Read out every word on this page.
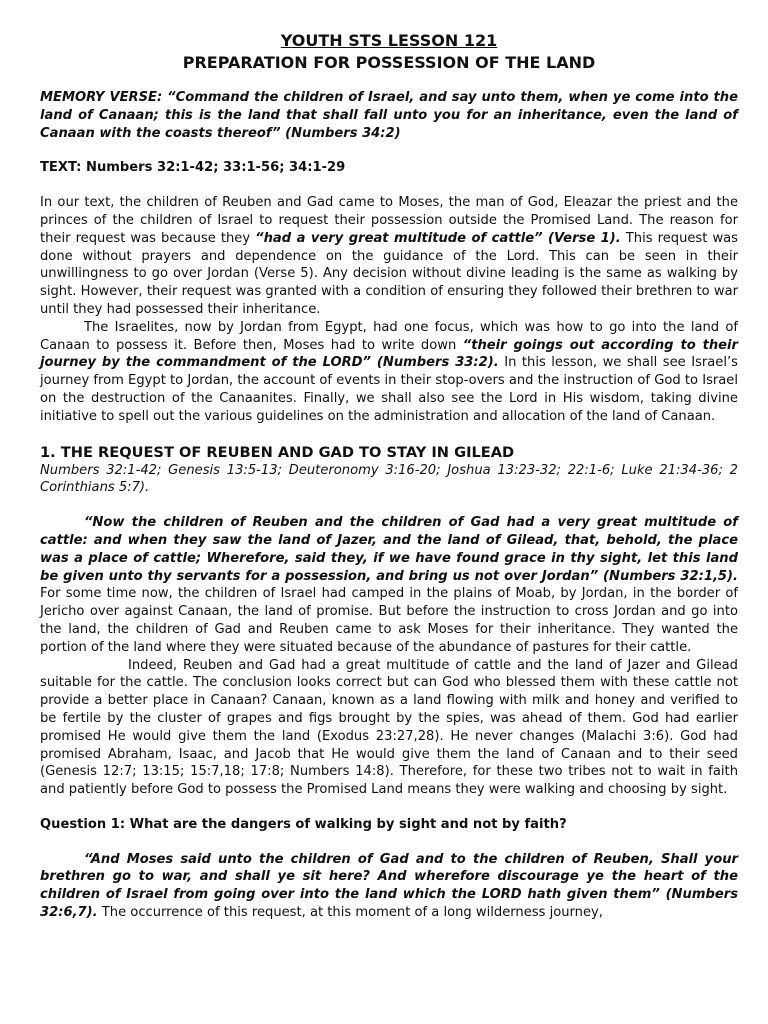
YOUTH STS LESSON 121

PREPARATION FOR POSSESSION OF THE LAND

MEMORY VERSE: “Command the children of Israel, and say unto them, when ye come into the land of Canaan; this is the land that shall fall unto you for an inheritance, even the land of Canaan with the coasts thereof” (Numbers 34:2)

TEXT: Numbers 32:1-42; 33:1-56; 34:1-29

In our text, the children of Reuben and Gad came to Moses, the man of God, Eleazar the priest and the princes of the children of Israel to request their possession outside the Promised Land. The reason for their request was because they “had a very great multitude of cattle” (Verse 1). This request was done without prayers and dependence on the guidance of the Lord. This can be seen in their unwillingness to go over Jordan (Verse 5). Any decision without divine leading is the same as walking by sight. However, their request was granted with a condition of ensuring they followed their brethren to war until they had possessed their inheritance.

The Israelites, now by Jordan from Egypt, had one focus, which was how to go into the land of Canaan to possess it. Before then, Moses had to write down “their goings out according to their journey by the commandment of the LORD” (Numbers 33:2). In this lesson, we shall see Israel’s journey from Egypt to Jordan, the account of events in their stop-overs and the instruction of God to Israel on the destruction of the Canaanites. Finally, we shall also see the Lord in His wisdom, taking divine initiative to spell out the various guidelines on the administration and allocation of the land of Canaan.

1. THE REQUEST OF REUBEN AND GAD TO STAY IN GILEAD

Numbers 32:1-42; Genesis 13:5-13; Deuteronomy 3:16-20; Joshua 13:23-32; 22:1-6; Luke 21:34-36; 2 Corinthians 5:7).

“Now the children of Reuben and the children of Gad had a very great multitude of cattle: and when they saw the land of Jazer, and the land of Gilead, that, behold, the place was a place of cattle; Wherefore, said they, if we have found grace in thy sight, let this land be given unto thy servants for a possession, and bring us not over Jordan” (Numbers 32:1,5). For some time now, the children of Israel had camped in the plains of Moab, by Jordan, in the border of Jericho over against Canaan, the land of promise. But before the instruction to cross Jordan and go into the land, the children of Gad and Reuben came to ask Moses for their inheritance. They wanted the portion of the land where they were situated because of the abundance of pastures for their cattle.

Indeed, Reuben and Gad had a great multitude of cattle and the land of Jazer and Gilead suitable for the cattle. The conclusion looks correct but can God who blessed them with these cattle not provide a better place in Canaan? Canaan, known as a land flowing with milk and honey and verified to be fertile by the cluster of grapes and figs brought by the spies, was ahead of them. God had earlier promised He would give them the land (Exodus 23:27,28). He never changes (Malachi 3:6). God had promised Abraham, Isaac, and Jacob that He would give them the land of Canaan and to their seed (Genesis 12:7; 13:15; 15:7,18; 17:8; Numbers 14:8). Therefore, for these two tribes not to wait in faith and patiently before God to possess the Promised Land means they were walking and choosing by sight.

Question 1: What are the dangers of walking by sight and not by faith?

“And Moses said unto the children of Gad and to the children of Reuben, Shall your brethren go to war, and shall ye sit here? And wherefore discourage ye the heart of the children of Israel from going over into the land which the LORD hath given them” (Numbers 32:6,7). The occurrence of this request, at this moment of a long wilderness journey,
